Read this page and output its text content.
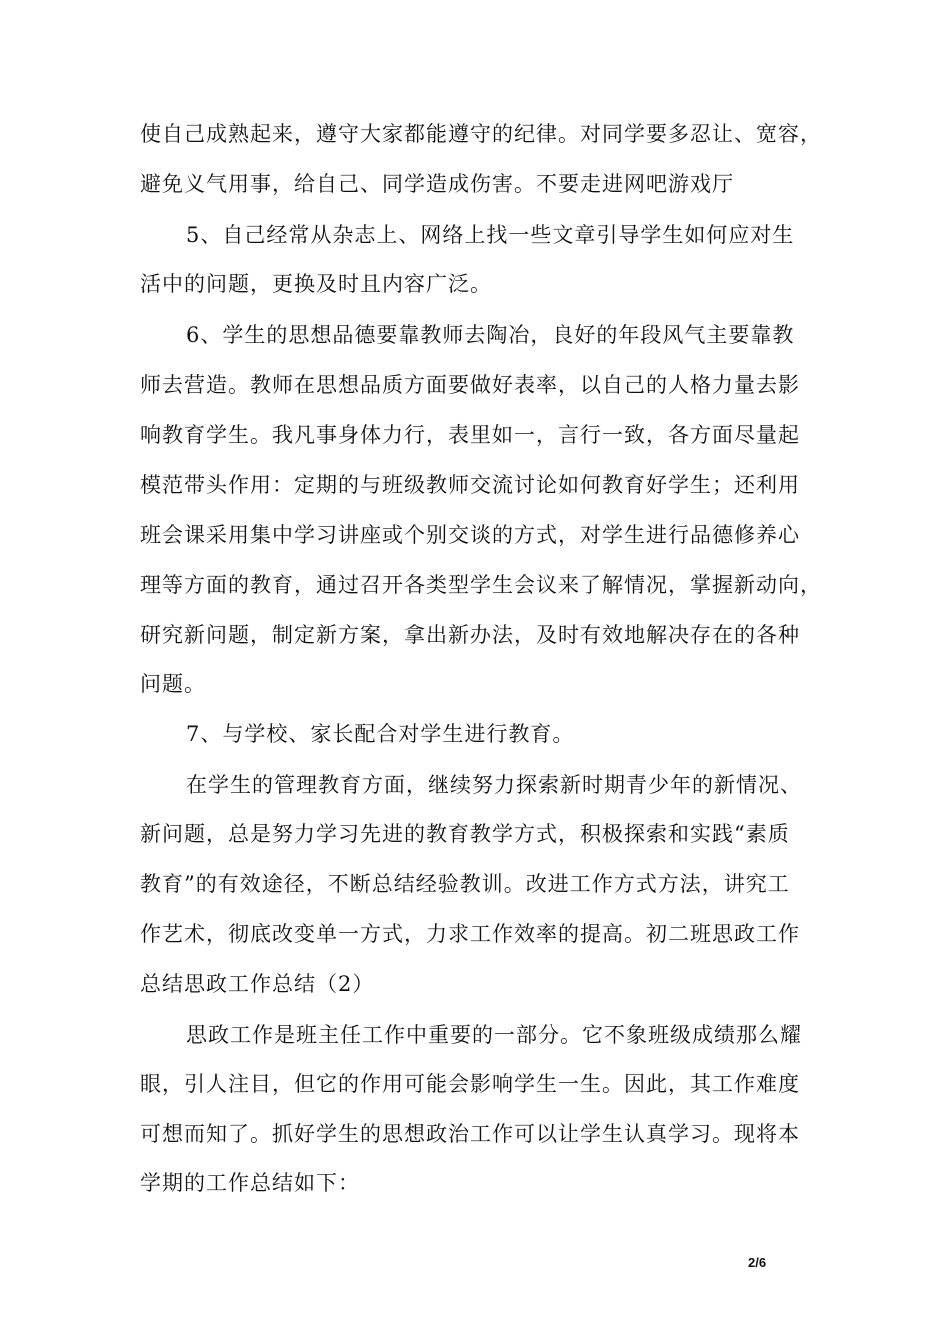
使自己成熟起来，遵守大家都能遵守的纪律。对同学要多忍让、宽容，
避免义气用事，给自己、同学造成伤害。不要走进网吧游戏厅
5、自己经常从杂志上、网络上找一些文章引导学生如何应对生
活中的问题，更换及时且内容广泛。
6、学生的思想品德要靠教师去陶冶，良好的年段风气主要靠教
师去营造。教师在思想品质方面要做好表率，以自己的人格力量去影
响教育学生。我凡事身体力行，表里如一，言行一致，各方面尽量起
模范带头作用：定期的与班级教师交流讨论如何教育好学生；还利用
班会课采用集中学习讲座或个别交谈的方式，对学生进行品德修养心
理等方面的教育，通过召开各类型学生会议来了解情况，掌握新动向，
研究新问题，制定新方案，拿出新办法，及时有效地解决存在的各种
问题。
7、与学校、家长配合对学生进行教育。
在学生的管理教育方面，继续努力探索新时期青少年的新情况、
新问题，总是努力学习先进的教育教学方式，积极探索和实践“素质
教育”的有效途径，不断总结经验教训。改进工作方式方法，讲究工
作艺术，彻底改变单一方式，力求工作效率的提高。初二班思政工作
总结思政工作总结（2）
思政工作是班主任工作中重要的一部分。它不象班级成绩那么耀
眼，引人注目，但它的作用可能会影响学生一生。因此，其工作难度
可想而知了。抓好学生的思想政治工作可以让学生认真学习。现将本
学期的工作总结如下：
2/6
